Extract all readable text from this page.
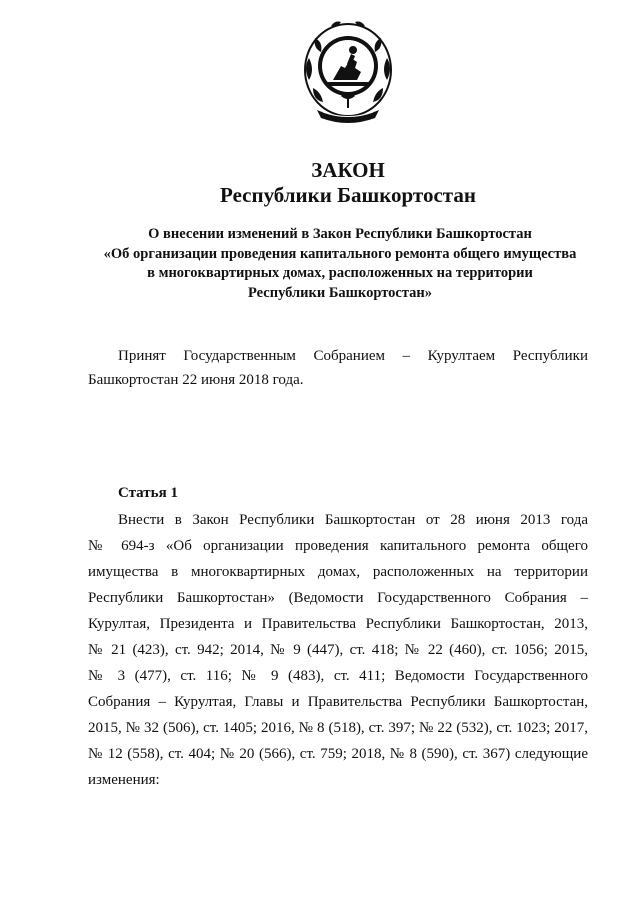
ЗАКОН
Республики Башкортостан
О внесении изменений в Закон Республики Башкортостан
«Об организации проведения капитального ремонта общего имущества
в многоквартирных домах, расположенных на территории
Республики Башкортостан»
Принят Государственным Собранием – Курултаем Республики
Башкортостан 22 июня 2018 года.
Статья 1
Внести в Закон Республики Башкортостан от 28 июня 2013 года
№ 694-з «Об организации проведения капитального ремонта общего
имущества в многоквартирных домах, расположенных на территории
Республики Башкортостан» (Ведомости Государственного Собрания –
Курултая, Президента и Правительства Республики Башкортостан, 2013,
№ 21 (423), ст. 942; 2014, № 9 (447), ст. 418; № 22 (460), ст. 1056; 2015,
№ 3 (477), ст. 116; № 9 (483), ст. 411; Ведомости Государственного
Собрания – Курултая, Главы и Правительства Республики Башкортостан,
2015, № 32 (506), ст. 1405; 2016, № 8 (518), ст. 397; № 22 (532), ст. 1023; 2017,
№ 12 (558), ст. 404; № 20 (566), ст. 759; 2018, № 8 (590), ст. 367) следующие
изменения:
